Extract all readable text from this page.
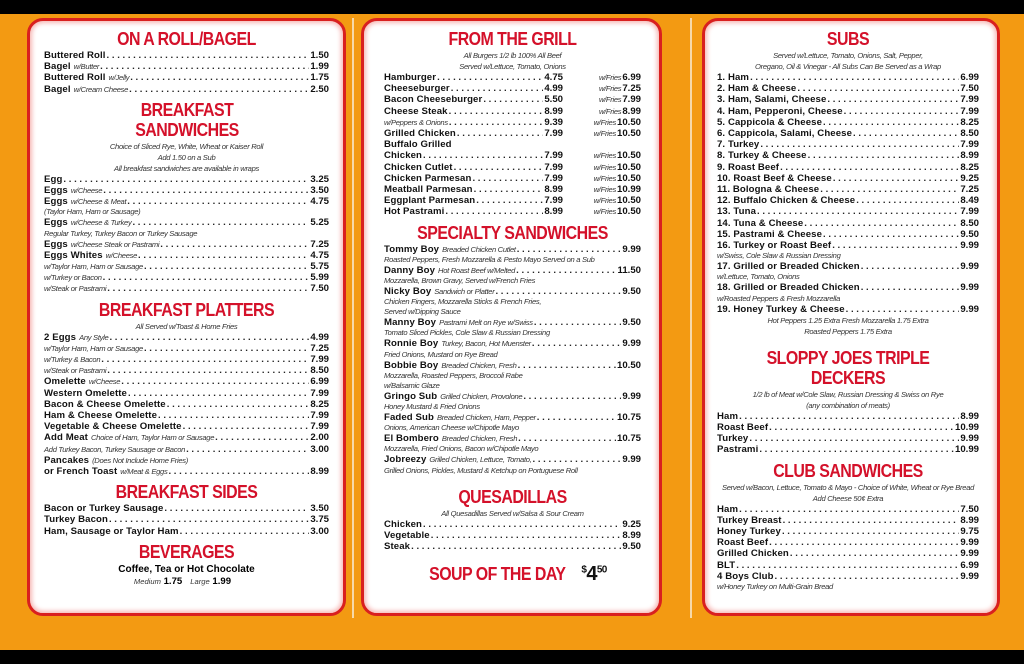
ON A ROLL/BAGEL
Buttered Roll . . .	1.50
Bagel w/Butter . . .	1.99
Buttered Roll w/Jelly . . .	1.75
Bagel w/Cream Cheese . . .	2.50
BREAKFAST SANDWICHES
Choice of Sliced Rye, White, Wheat or Kaiser Roll
Add 1.50 on a Sub
All breakfast sandwiches are available in wraps
Egg . . .	3.25
Eggs w/Cheese . . .	3.50
Eggs w/Cheese & Meat . . .	4.75
(Taylor Ham, Ham or Sausage)
Eggs w/Cheese & Turkey . . .	5.25
Regular Turkey, Turkey Bacon or Turkey Sausage
Eggs w/Cheese Steak or Pastrami . . .	7.25
Eggs Whites w/Cheese . . .	4.75
w/Taylor Ham, Ham or Sausage . . .	5.75
w/Turkey or Bacon . . .	5.99
w/Steak or Pastrami . . .	7.50
BREAKFAST PLATTERS
All Served w/Toast & Home Fries
2 Eggs Any Style . . .	4.99
w/Taylor Ham, Ham or Sausage . . .	7.25
w/Turkey & Bacon . . .	7.99
w/Steak or Pastrami . . .	8.50
Omelette w/Cheese . . .	6.99
Western Omelette . . .	7.99
Bacon & Cheese Omelette . . .	8.25
Ham & Cheese Omelette . . .	7.99
Vegetable & Cheese Omelette . . .	7.99
Add Meat Choice of Ham, Taylor Ham or Sausage . . .	2.00
Add Turkey Bacon, Turkey Sausage or Bacon . . .	3.00
Pancakes (Does Not Include Home Fries)
or French Toast w/Meat & Eggs . . .	8.99
BREAKFAST SIDES
Bacon or Turkey Sausage . . .	3.50
Turkey Bacon . . .	3.75
Ham, Sausage or Taylor Ham . . .	3.00
BEVERAGES
Coffee, Tea or Hot Chocolate
Medium 1.75 Large 1.99
FROM THE GRILL
All Burgers 1/2 lb 100% All Beef
Served w/Lettuce, Tomato, Onions
Hamburger . . .	4.75	w/Fries6.99
Cheeseburger . . .	4.99	w/Fries7.25
Bacon Cheeseburger . . .	5.50	w/Fries7.99
Cheese Steak . . .	8.99	w/Fries8.99
w/Peppers & Onions . . .	9.39	w/Fries10.50
Grilled Chicken . . .	7.99	w/Fries10.50
Buffalo Grilled
Chicken . . .	7.99	w/Fries10.50
Chicken Cutlet . . .	7.99	w/Fries10.50
Chicken Parmesan . . .	7.99	w/Fries10.50
Meatball Parmesan . . .	8.99	w/Fries10.99
Eggplant Parmesan . . .	7.99	w/Fries10.50
Hot Pastrami . . .	8.99	w/Fries10.50
SPECIALTY SANDWICHES
Tommy Boy Breaded Chicken Cutlet . . .	9.99
Roasted Peppers, Fresh Mozzarella & Pesto Mayo Served on a Sub
Danny Boy Hot Roast Beef w/Melted . . .	11.50
Mozzarella, Brown Gravy, Served w/French Fries
Nicky Boy Sandwich or Platter . . .	9.50
Chicken Fingers, Mozzarella Sticks & French Fries,
Served w/Dipping Sauce
Manny Boy Pastrami Melt on Rye w/Swiss . . .	9.50
Tomato Sliced Pickles, Cole Slaw & Russian Dressing
Ronnie Boy Turkey, Bacon, Hot Muenster . . .	9.99
Fried Onions, Mustard on Rye Bread
Bobbie Boy Breaded Chicken, Fresh . . .	10.50
Mozzarella, Roasted Peppers, Broccoli Rabe
w/Balsamic Glaze
Gringo Sub Grilled Chicken, Provolone . . .	9.99
Honey Mustard & Fried Onions
Faded Sub Breaded Chicken, Ham, Pepper . . .	10.75
Onions, American Cheese w/Chipotle Mayo
El Bombero Breaded Chicken, Fresh . . .	10.75
Mozzarella, Fried Onions, Bacon w/Chipotle Mayo
Jobreezy Grilled Chicken, Lettuce, Tomato, . . .	9.99
Grilled Onions, Pickles, Mustard & Ketchup on Portuguese Roll
QUESADILLAS
All Quesadillas Served w/Salsa & Sour Cream
Chicken . . .	9.25
Vegetable . . .	8.99
Steak . . .	9.50
SOUP OF THE DAY $^{\$}4^{50}$
SUBS
Served w/Lettuce, Tomato, Onions, Salt, Pepper,
Oregano, Oil & Vinegar - All Subs Can Be Served as a Wrap
1. Ham . . .	6.99
2. Ham & Cheese . . .	7.50
3. Ham, Salami, Cheese . . .	7.99
4. Ham, Pepperoni, Cheese . . .	7.99
5. Cappicola & Cheese . . .	8.25
6. Cappicola, Salami, Cheese . . .	8.50
7. Turkey . . .	7.99
8. Turkey & Cheese . . .	8.99
9. Roast Beef . . .	8.25
10. Roast Beef & Cheese . . .	9.25
11. Bologna & Cheese . . .	7.25
12. Buffalo Chicken & Cheese . . .	8.49
13. Tuna . . .	7.99
14. Tuna & Cheese . . .	8.50
15. Pastrami & Cheese . . .	9.50
16. Turkey or Roast Beef . . .	9.99
w/Swiss, Cole Slaw & Russian Dressing
17. Grilled or Breaded Chicken . . .	9.99
w/Lettuce, Tomato, Onions
18. Grilled or Breaded Chicken . . .	9.99
w/Roasted Peppers & Fresh Mozzarella
19. Honey Turkey & Cheese . . .	9.99
Hot Peppers 1.25 Extra Fresh Mozzarella 1.75 Extra
Roasted Peppers 1.75 Extra
SLOPPY JOES TRIPLE DECKERS
1/2 lb of Meat w/Cole Slaw, Russian Dressing & Swiss on Rye
(any combination of meats)
Ham . . .	8.99
Roast Beef . . .	10.99
Turkey . . .	9.99
Pastrami . . .	10.99
CLUB SANDWICHES
Served w/Bacon, Lettuce, Tomato & Mayo - Choice of White, Wheat or Rye Bread
Add Cheese 50¢ Extra
Ham . . .	7.50
Turkey Breast . . .	8.99
Honey Turkey . . .	9.75
Roast Beef . . .	9.99
Grilled Chicken . . .	9.99
BLT . . .	6.99
4 Boys Club . . .	9.99
w/Honey Turkey on Multi-Grain Bread
